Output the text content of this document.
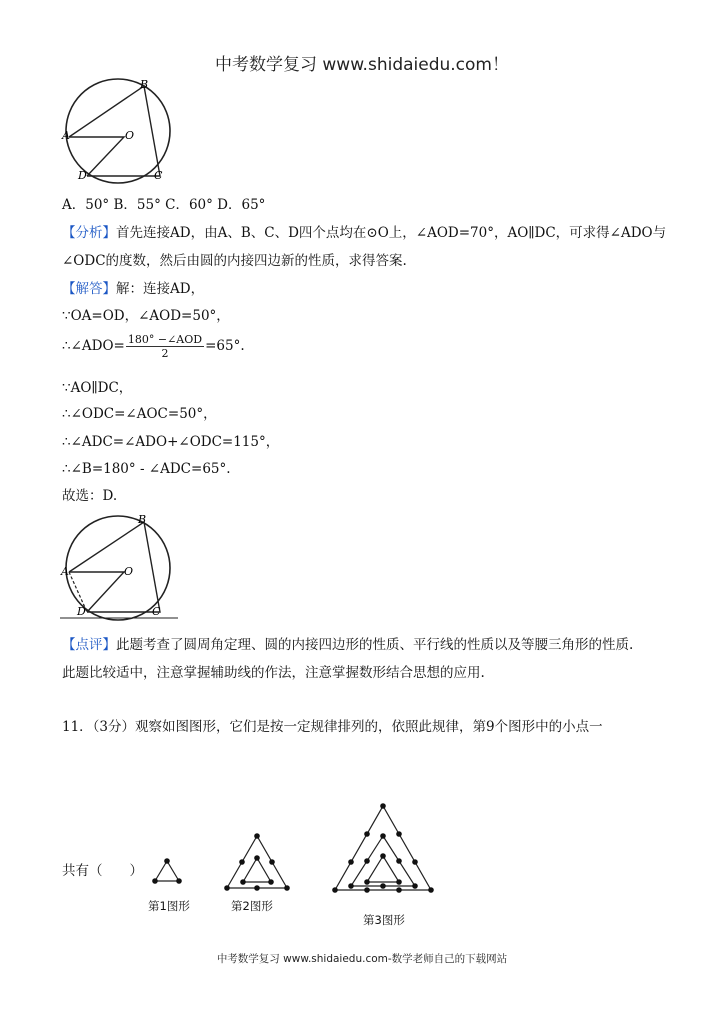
中考数学复习 www.shidaiedu.com！
B
A	O
D	C
A．50° B．55° C．60° D．65°
【分析】首先连接AD，由A、B、C、D四个点均在⊙O上，∠AOD=70°，AO∥DC，可求得∠ADO与
∠ODC的度数，然后由圆的内接四边新的性质，求得答案.
【解答】解：连接AD，
∵OA=OD，∠AOD=50°，
∴∠ADO= $\frac{\text{180° −∠AOD}}{2} =65^\circ$.
∵AO∥DC，
∴∠ODC=∠AOC=50°，
∴∠ADC=∠ADO+∠ODC=115°，
∴∠B=180° - ∠ADC=65°.
故选：D.
B
A	O
D	C
【点评】此题考查了圆周角定理、圆的内接四边形的性质、平行线的性质以及等腰三角形的性质.
此题比较适中，注意掌握辅助线的作法，注意掌握数形结合思想的应用.
11．（3分）观察如图图形，它们是按一定规律排列的，依照此规律，第9个图形中的小点一
共有（　　）
第1图形	第2图形
第3图形
中考数学复习 www.shidaiedu.com-数学老师自己的下载网站
